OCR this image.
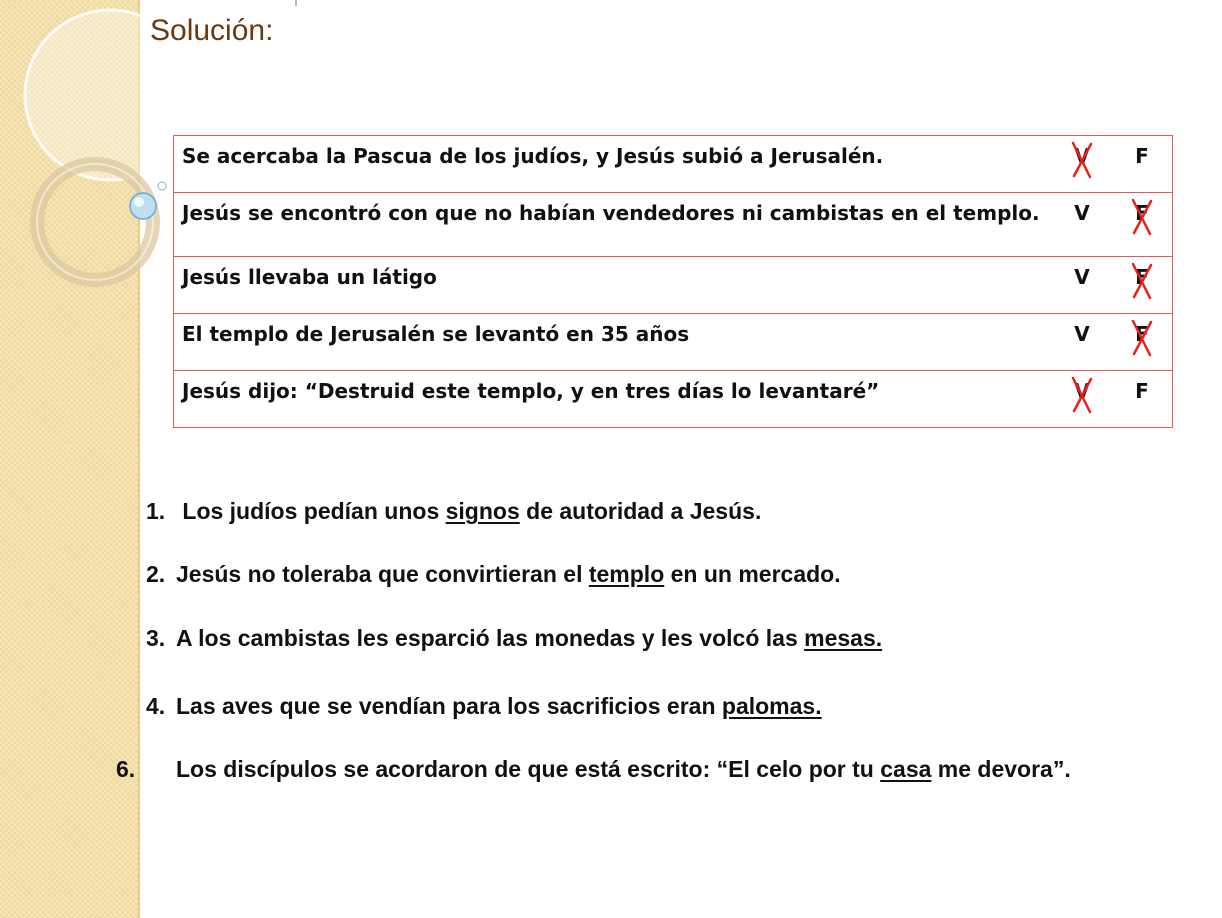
Solución:
Se acercaba la Pascua de los judíos, y Jesús subió a Jerusalén.	V	F
Jesús se encontró con que no habían vendedores ni cambistas en el templo.	V	F

Jesús llevaba un látigo	V	F

El templo de Jerusalén se levantó en 35 años	V	F

Jesús dijo: “Destruid este templo, y en tres días lo levantaré”	V	F
1. Los judíos pedían unos signos de autoridad a Jesús.
2. Jesús no toleraba que convirtieran el templo en un mercado.
3. A los cambistas les esparció las monedas y les volcó las mesas.
4. Las aves que se vendían para los sacrificios eran palomas.
6. Los discípulos se acordaron de que está escrito: “El celo por tu casa me devora”.
